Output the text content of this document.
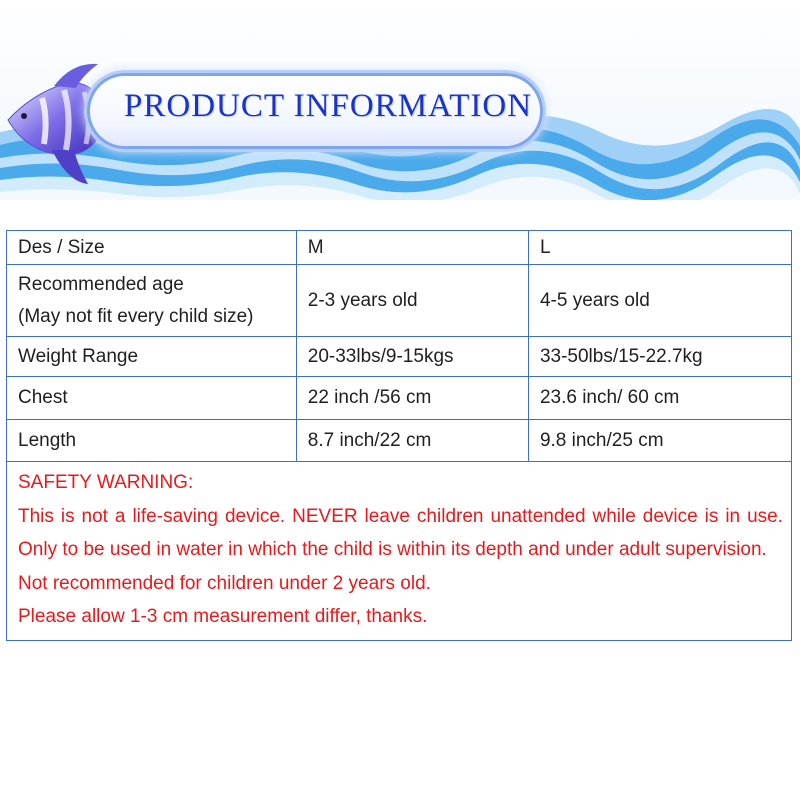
PRODUCT INFORMATION
Des / Size	M	L

Recommended age
(May not fit every child size)	2-3 years old	4-5 years old
Weight Range	20-33lbs/9-15kgs	33-50lbs/15-22.7kg
Chest	22 inch /56 cm	23.6 inch/ 60 cm
Length	8.7 inch/22 cm	9.8 inch/25 cm

SAFETY WARNING:
This is not a life-saving device. NEVER leave children unattended while device is in use. Only to be used in water in which the child is within its depth and under adult supervision.
Not recommended for children under 2 years old.
Please allow 1-3 cm measurement differ, thanks.		
